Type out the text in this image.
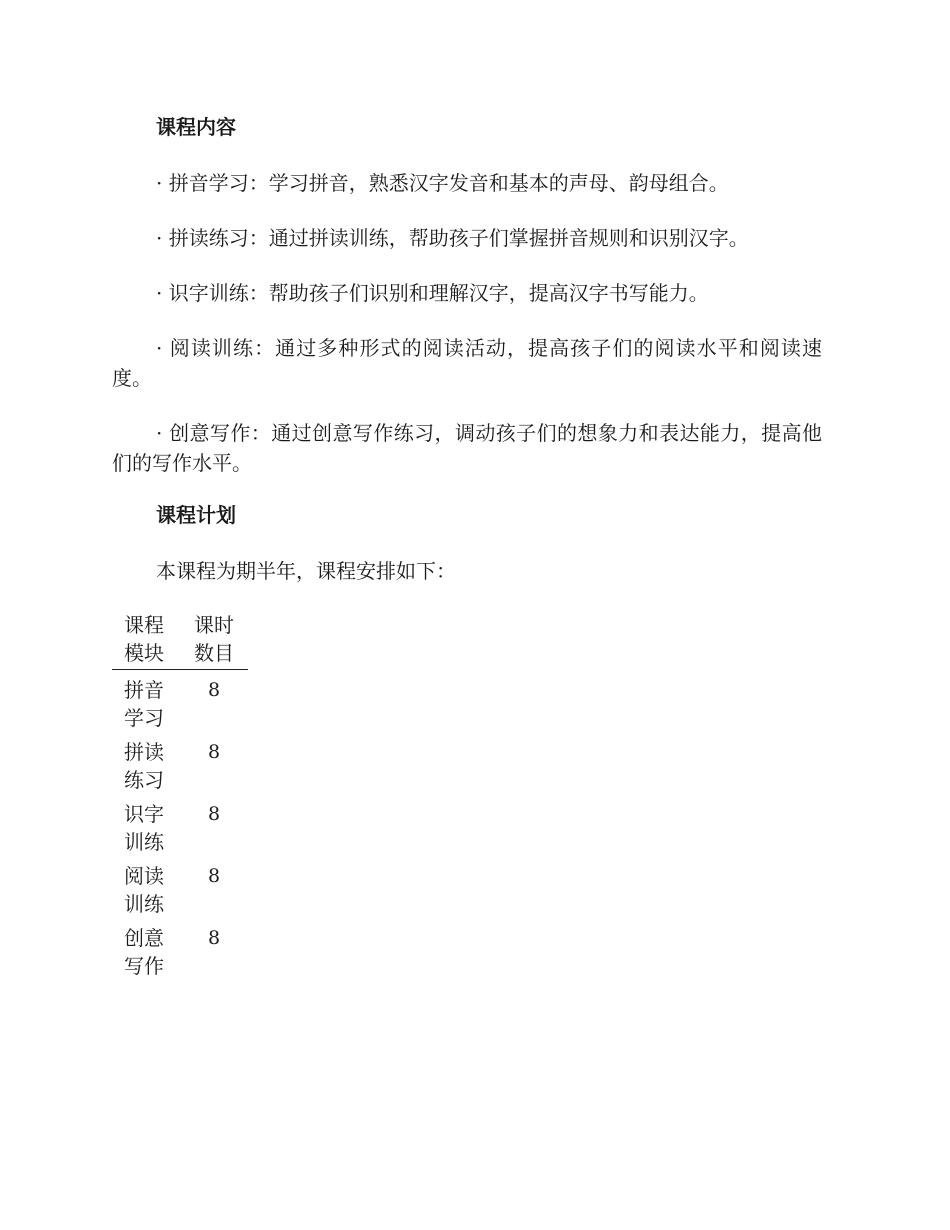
课程内容

· 拼音学习：学习拼音，熟悉汉字发音和基本的声母、韵母组合。

· 拼读练习：通过拼读训练，帮助孩子们掌握拼音规则和识别汉字。

· 识字训练：帮助孩子们识别和理解汉字，提高汉字书写能力。

· 阅读训练：通过多种形式的阅读活动，提高孩子们的阅读水平和阅读速度。

· 创意写作：通过创意写作练习，调动孩子们的想象力和表达能力，提高他们的写作水平。

课程计划

本课程为期半年，课程安排如下：

课程模块	课时数目
拼音学习	8
拼读练习	8
识字训练	8
阅读训练	8
创意写作	8
